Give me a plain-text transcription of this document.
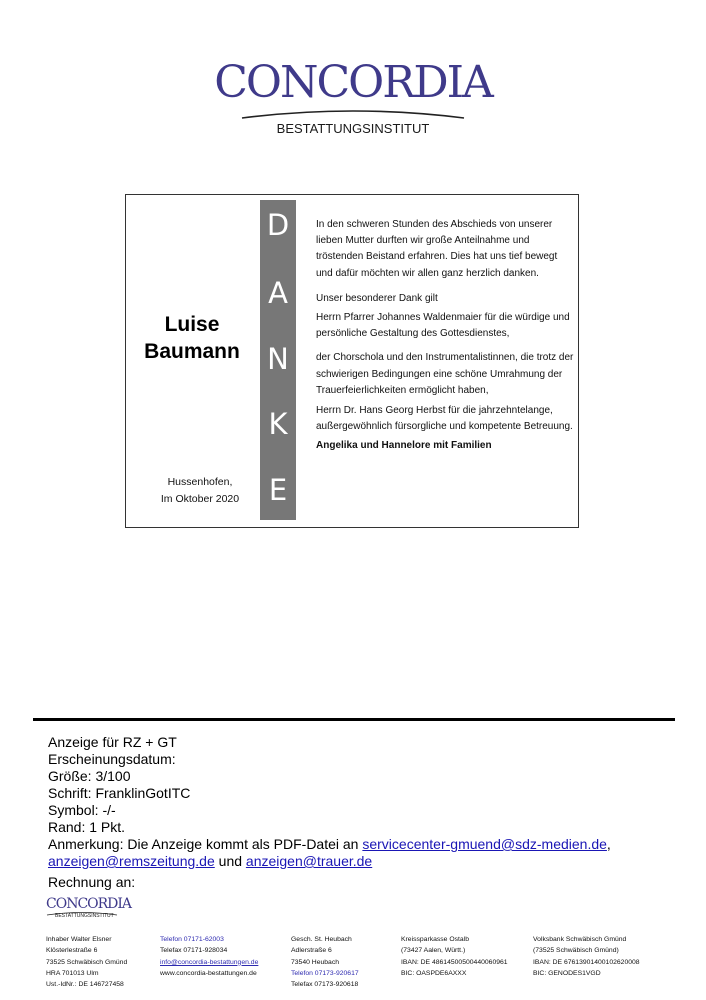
CONCORDIA
BESTATTUNGSINSTITUT
Luise
Baumann
Hussenhofen,
Im Oktober 2020
D
A
N
K
E

In den schweren Stunden des Abschieds von unserer lieben Mutter durften wir große Anteilnahme und tröstenden Beistand erfahren. Dies hat uns tief bewegt und dafür möchten wir allen ganz herzlich danken.

Unser besonderer Dank gilt

Herrn Pfarrer Johannes Waldenmaier für die würdige und persönliche Gestaltung des Gottesdienstes,

der Chorschola und den Instrumentalistinnen, die trotz der schwierigen Bedingungen eine schöne Umrahmung der Trauerfeierlichkeiten ermöglicht haben,

Herrn Dr. Hans Georg Herbst für die jahrzehntelange, außergewöhnlich fürsorgliche und kompetente Betreuung.

Angelika und Hannelore mit Familien

Anzeige für RZ + GT
Erscheinungsdatum:
Größe: 3/100
Schrift: FranklinGotITC
Symbol: -/-
Rand: 1 Pkt.
Anmerkung: Die Anzeige kommt als PDF-Datei an servicecenter-gmuend@sdz-medien.de,
anzeigen@remszeitung.de und anzeigen@trauer.de
Rechnung an:
CONCORDIA
BESTATTUNGSINSTITUT
Inhaber Walter Elsner
Klösterlestraße 6
73525 Schwäbisch Gmünd
HRA 701013 Ulm
Ust.-IdNr.: DE 146727458
Telefon 07171-62003
Telefax 07171-928034
info@concordia-bestattungen.de
www.concordia-bestattungen.de
Gesch. St. Heubach
Adlerstraße 6
73540 Heubach
Telefon 07173-920617
Telefax 07173-920618
Kreissparkasse Ostalb
(73427 Aalen, Württ.)
IBAN: DE 48614500500440060961
BIC: OASPDE6AXXX
Volksbank Schwäbisch Gmünd
(73525 Schwäbisch Gmünd)
IBAN: DE 67613901400102620008
BIC: GENODES1VGD
